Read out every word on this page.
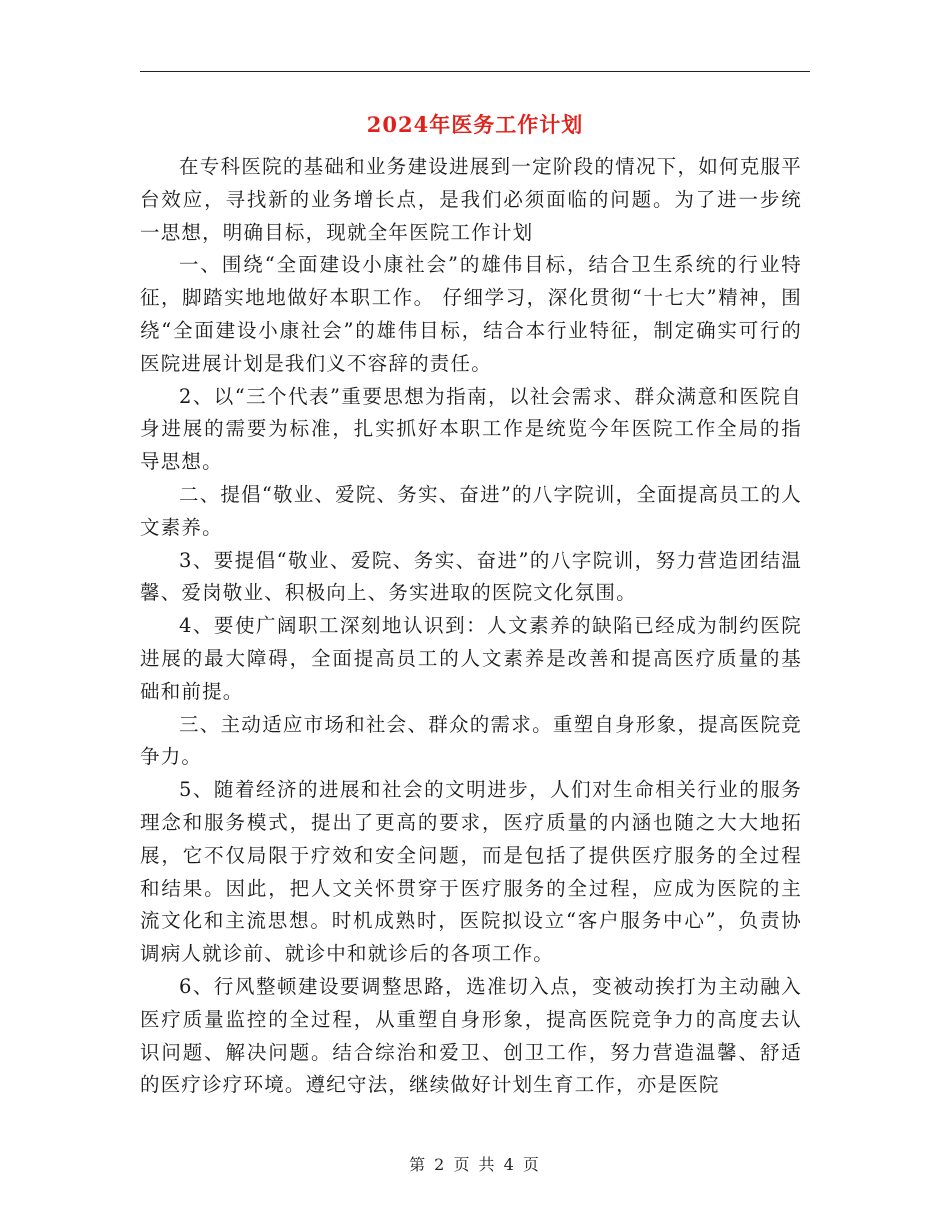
2024年医务工作计划

在专科医院的基础和业务建设进展到一定阶段的情况下，如何克服平台效应，寻找新的业务增长点，是我们必须面临的问题。为了进一步统一思想，明确目标，现就全年医院工作计划

一、围绕“全面建设小康社会”的雄伟目标，结合卫生系统的行业特征，脚踏实地地做好本职工作。 仔细学习，深化贯彻“十七大”精神，围绕“全面建设小康社会”的雄伟目标，结合本行业特征，制定确实可行的医院进展计划是我们义不容辞的责任。

2、以“三个代表”重要思想为指南，以社会需求、群众满意和医院自身进展的需要为标准，扎实抓好本职工作是统览今年医院工作全局的指导思想。

二、提倡“敬业、爱院、务实、奋进”的八字院训，全面提高员工的人文素养。

3、要提倡“敬业、爱院、务实、奋进”的八字院训，努力营造团结温馨、爱岗敬业、积极向上、务实进取的医院文化氛围。

4、要使广阔职工深刻地认识到：人文素养的缺陷已经成为制约医院进展的最大障碍，全面提高员工的人文素养是改善和提高医疗质量的基础和前提。

三、主动适应市场和社会、群众的需求。重塑自身形象，提高医院竞争力。

5、随着经济的进展和社会的文明进步，人们对生命相关行业的服务理念和服务模式，提出了更高的要求，医疗质量的内涵也随之大大地拓展，它不仅局限于疗效和安全问题，而是包括了提供医疗服务的全过程和结果。因此，把人文关怀贯穿于医疗服务的全过程，应成为医院的主流文化和主流思想。时机成熟时，医院拟设立“客户服务中心”，负责协调病人就诊前、就诊中和就诊后的各项工作。

6、行风整顿建设要调整思路，选准切入点，变被动挨打为主动融入医疗质量监控的全过程，从重塑自身形象，提高医院竞争力的高度去认识问题、解决问题。结合综治和爱卫、创卫工作，努力营造温馨、舒适的医疗诊疗环境。遵纪守法，继续做好计划生育工作，亦是医院

第 2 页 共 4 页
